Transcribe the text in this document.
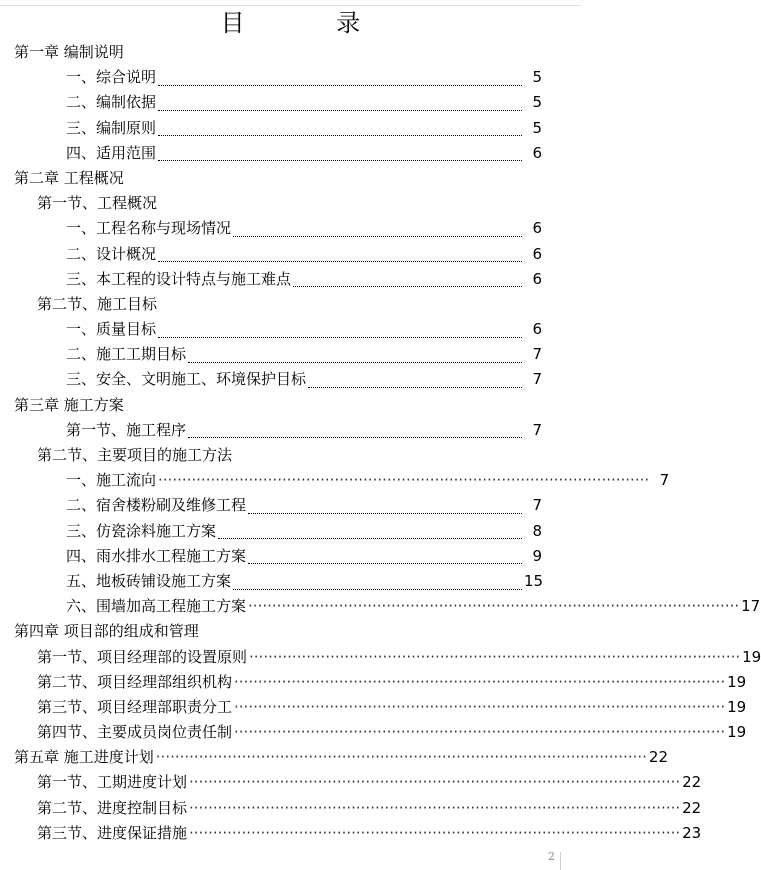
目 录
第一章 编制说明
一、综合说明	5
二、编制依据	5
三、编制原则	5
四、适用范围	6
第二章 工程概况
第一节、工程概况
一、工程名称与现场情况	6
二、设计概况	6
三、本工程的设计特点与施工难点	6
第二节、施工目标
一、质量目标	6
二、施工工期目标	7
三、安全、文明施工、环境保护目标	7
第三章 施工方案
第一节、施工程序	7
第二节、主要项目的施工方法
一、施工流向 ······································································································· 7
二、宿舍楼粉刷及维修工程	7
三、仿瓷涂料施工方案	8
四、雨水排水工程施工方案	9
五、地板砖铺设施工方案	15
六、围墙加高工程施工方案 ······································································································· 17
第四章 项目部的组成和管理
第一节、项目经理部的设置原则 ······································································································· 19
第二节、项目经理部组织机构 ······································································································· 19
第三节、项目经理部职责分工 ······································································································· 19
第四节、主要成员岗位责任制 ······································································································· 19
第五章 施工进度计划 ······································································································· 22
第一节、工期进度计划 ······································································································· 22
第二节、进度控制目标 ······································································································· 22
第三节、进度保证措施 ······································································································· 23
2
